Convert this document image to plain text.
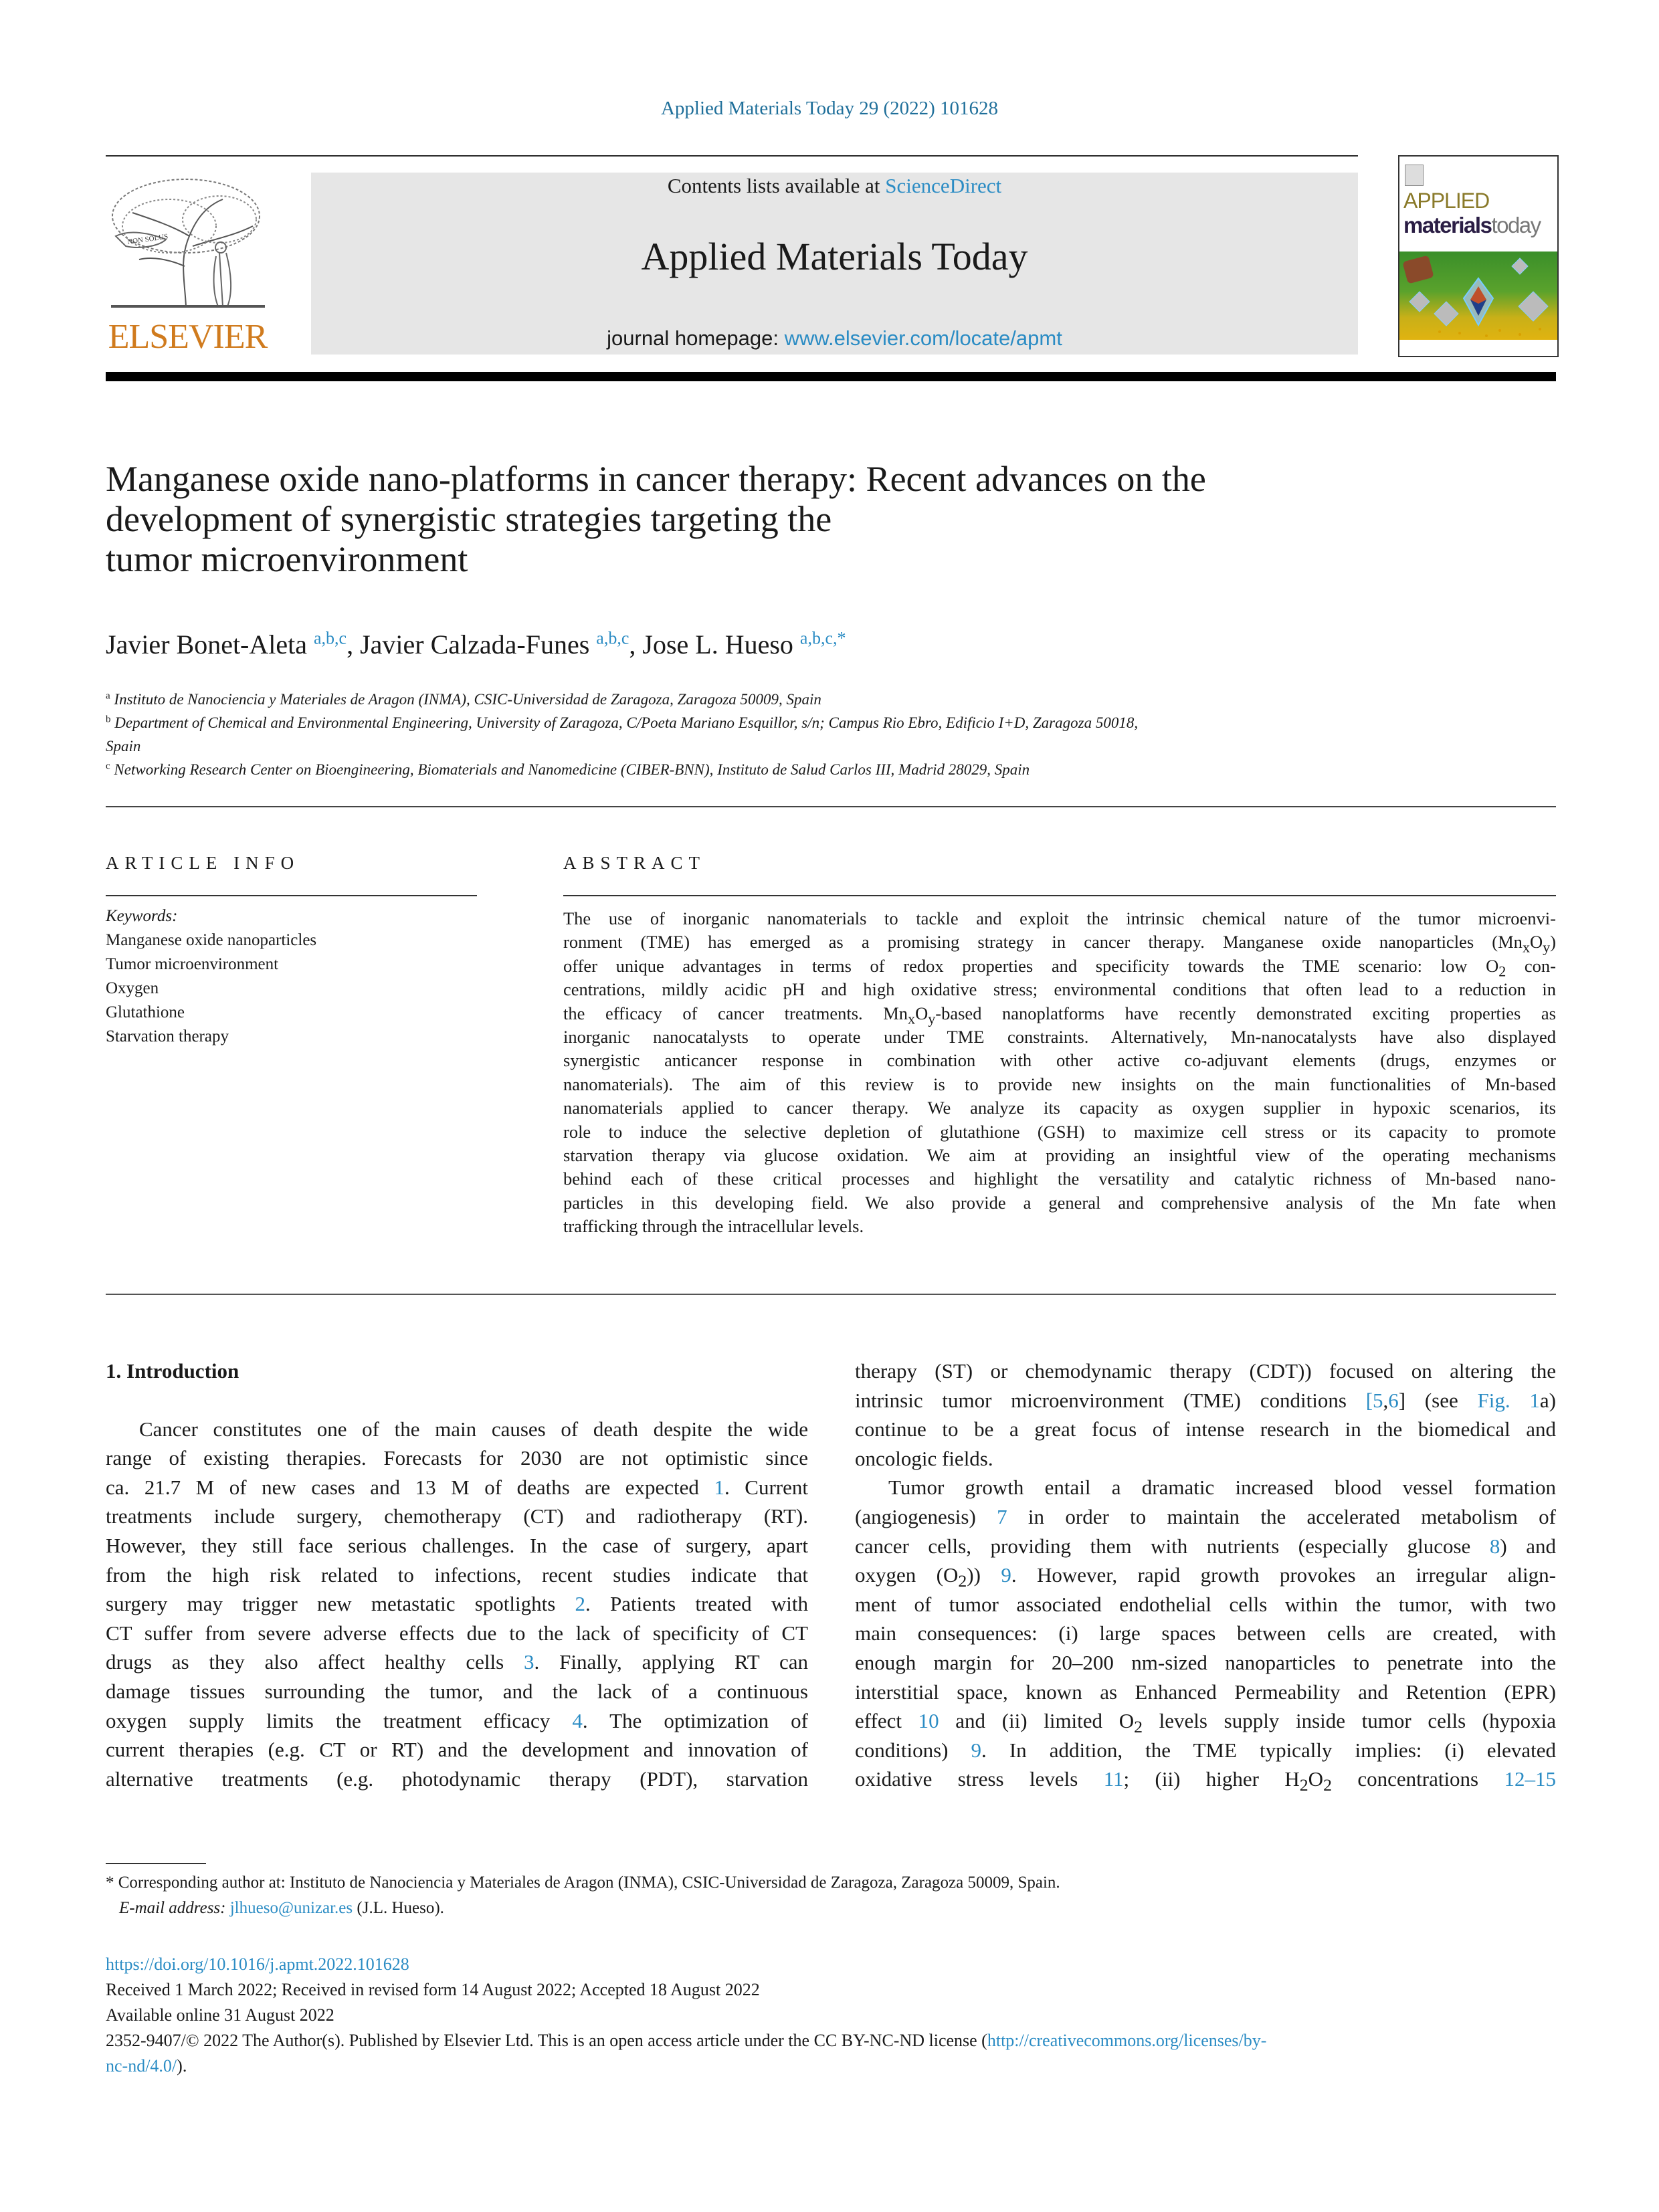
Applied Materials Today 29 (2022) 101628
NON SOLUS
ELSEVIER
Contents lists available at ScienceDirect
Applied Materials Today
journal homepage: www.elsevier.com/locate/apmt
APPLIED
materialstoday
Manganese oxide nano-platforms in cancer therapy: Recent advances on the
development of synergistic strategies targeting the
tumor microenvironment
Javier Bonet-Aleta $^{a,b,c}$, Javier Calzada-Funes $^{a,b,c}$, Jose L. Hueso $^{a,b,c,*}$
$^a$ Instituto de Nanociencia y Materiales de Aragon (INMA), CSIC-Universidad de Zaragoza, Zaragoza 50009, Spain
$^b$ Department of Chemical and Environmental Engineering, University of Zaragoza, C/Poeta Mariano Esquillor, s/n; Campus Rio Ebro, Edificio I+D, Zaragoza 50018,
Spain
$^c$ Networking Research Center on Bioengineering, Biomaterials and Nanomedicine (CIBER-BNN), Instituto de Salud Carlos III, Madrid 28029, Spain
ARTICLE INFO	ABSTRACT
Keywords:
Manganese oxide nanoparticles
Tumor microenvironment
Oxygen
Glutathione
Starvation therapy
The use of inorganic nanomaterials to tackle and exploit the intrinsic chemical nature of the tumor microenvi-
ronment (TME) has emerged as a promising strategy in cancer therapy. Manganese oxide nanoparticles $(Mn_xO_y)$
offer unique advantages in terms of redox properties and specificity towards the TME scenario: low $O_2$ con-
centrations, mildly acidic pH and high oxidative stress; environmental conditions that often lead to a reduction in
the efficacy of cancer treatments. $Mn_xO_y$-based nanoplatforms have recently demonstrated exciting properties as
inorganic nanocatalysts to operate under TME constraints. Alternatively, Mn-nanocatalysts have also displayed
synergistic anticancer response in combination with other active co-adjuvant elements (drugs, enzymes or
nanomaterials). The aim of this review is to provide new insights on the main functionalities of Mn-based
nanomaterials applied to cancer therapy. We analyze its capacity as oxygen supplier in hypoxic scenarios, its
role to induce the selective depletion of glutathione (GSH) to maximize cell stress or its capacity to promote
starvation therapy via glucose oxidation. We aim at providing an insightful view of the operating mechanisms
behind each of these critical processes and highlight the versatility and catalytic richness of Mn-based nano-
particles in this developing field. We also provide a general and comprehensive analysis of the Mn fate when
trafficking through the intracellular levels.
1. Introduction
Cancer constitutes one of the main causes of death despite the wide
range of existing therapies. Forecasts for 2030 are not optimistic since
ca. 21.7 M of new cases and 13 M of deaths are expected 1. Current
treatments include surgery, chemotherapy (CT) and radiotherapy (RT).
However, they still face serious challenges. In the case of surgery, apart
from the high risk related to infections, recent studies indicate that
surgery may trigger new metastatic spotlights 2. Patients treated with
CT suffer from severe adverse effects due to the lack of specificity of CT
drugs as they also affect healthy cells 3. Finally, applying RT can
damage tissues surrounding the tumor, and the lack of a continuous
oxygen supply limits the treatment efficacy 4. The optimization of
current therapies (e.g. CT or RT) and the development and innovation of
alternative treatments (e.g. photodynamic therapy (PDT), starvation
therapy (ST) or chemodynamic therapy (CDT)) focused on altering the
intrinsic tumor microenvironment (TME) conditions [5,6] (see Fig. 1a)
continue to be a great focus of intense research in the biomedical and
oncologic fields.
Tumor growth entail a dramatic increased blood vessel formation
(angiogenesis) 7 in order to maintain the accelerated metabolism of
cancer cells, providing them with nutrients (especially glucose 8) and
oxygen $(O_2)$) 9. However, rapid growth provokes an irregular align-
ment of tumor associated endothelial cells within the tumor, with two
main consequences: (i) large spaces between cells are created, with
enough margin for 20–200 nm-sized nanoparticles to penetrate into the
interstitial space, known as Enhanced Permeability and Retention (EPR)
effect 10 and (ii) limited $O_2$ levels supply inside tumor cells (hypoxia
conditions) 9. In addition, the TME typically implies: (i) elevated
oxidative stress levels 11; (ii) higher $H_2O_2$ concentrations 12–15
* Corresponding author at: Instituto de Nanociencia y Materiales de Aragon (INMA), CSIC-Universidad de Zaragoza, Zaragoza 50009, Spain.
E-mail address: jlhueso@unizar.es (J.L. Hueso).
https://doi.org/10.1016/j.apmt.2022.101628
Received 1 March 2022; Received in revised form 14 August 2022; Accepted 18 August 2022
Available online 31 August 2022
2352-9407/© 2022 The Author(s). Published by Elsevier Ltd. This is an open access article under the CC BY-NC-ND license (http://creativecommons.org/licenses/by-
nc-nd/4.0/).
